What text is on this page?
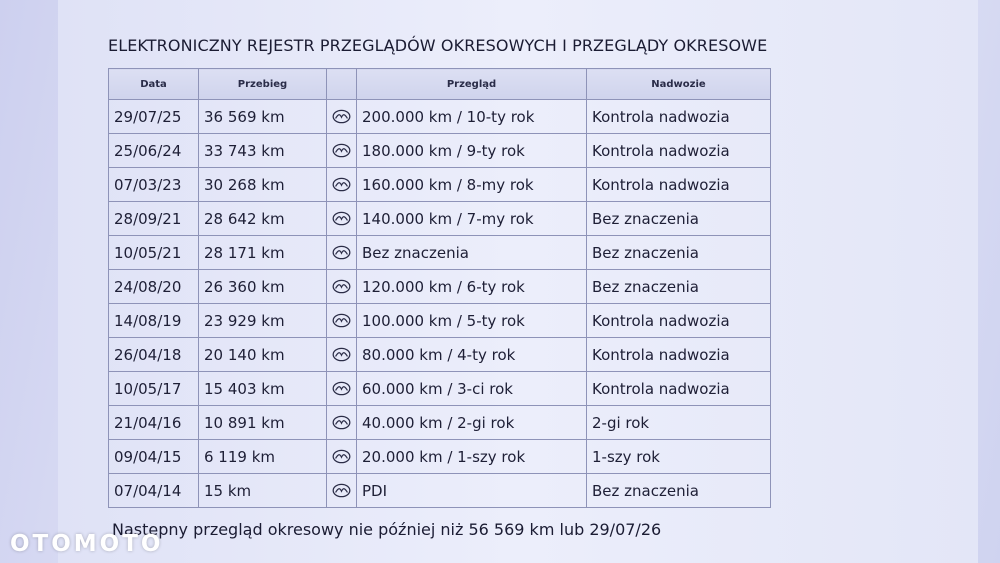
ELEKTRONICZNY REJESTR PRZEGLĄDÓW OKRESOWYCH I PRZEGLĄDY OKRESOWE
Data	Przebieg		Przegląd	Nadwozie
29/07/25	36 569 km		200.000 km / 10-ty rok	Kontrola nadwozia
25/06/24	33 743 km		180.000 km / 9-ty rok	Kontrola nadwozia
07/03/23	30 268 km		160.000 km / 8-my rok	Kontrola nadwozia
28/09/21	28 642 km		140.000 km / 7-my rok	Bez znaczenia
10/05/21	28 171 km		Bez znaczenia	Bez znaczenia
24/08/20	26 360 km		120.000 km / 6-ty rok	Bez znaczenia
14/08/19	23 929 km		100.000 km / 5-ty rok	Kontrola nadwozia
26/04/18	20 140 km		80.000 km / 4-ty rok	Kontrola nadwozia
10/05/17	15 403 km		60.000 km / 3-ci rok	Kontrola nadwozia
21/04/16	10 891 km		40.000 km / 2-gi rok	2-gi rok
09/04/15	6 119 km		20.000 km / 1-szy rok	1-szy rok
07/04/14	15 km		PDI	Bez znaczenia
Następny przegląd okresowy nie później niż 56 569 km lub 29/07/26
OTOMOTO
